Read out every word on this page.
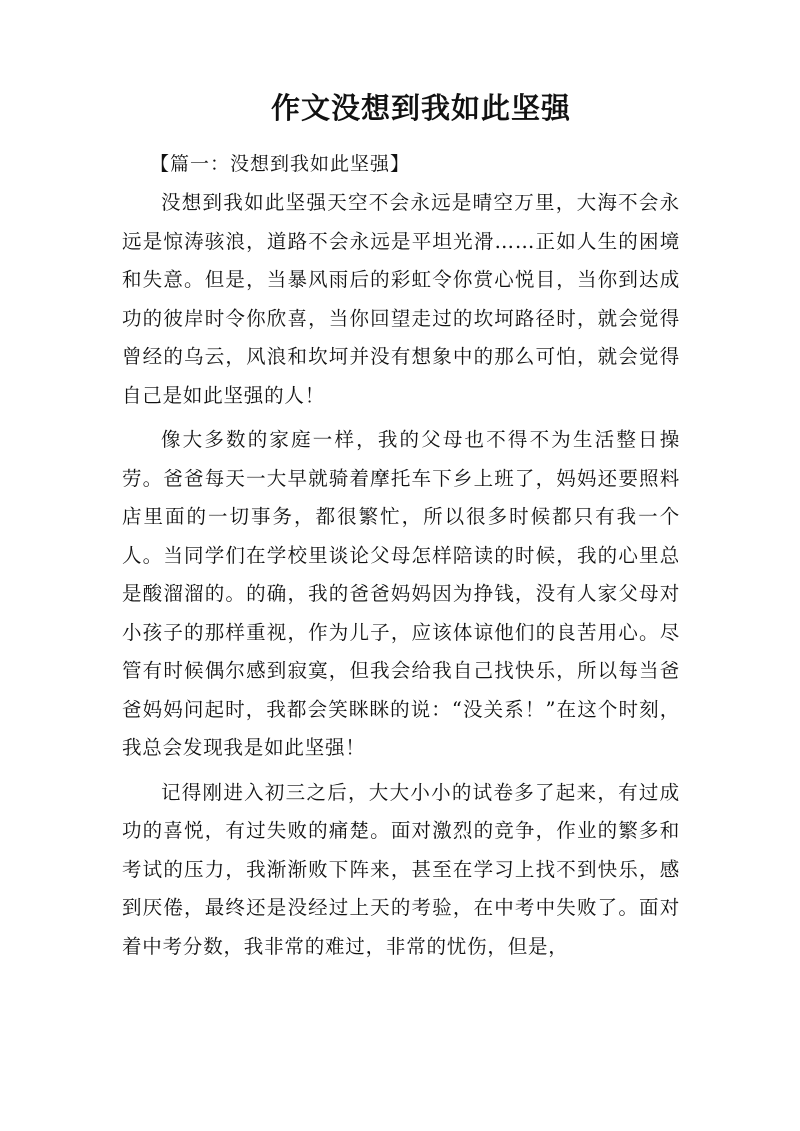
作文没想到我如此坚强
【篇一：没想到我如此坚强】

没想到我如此坚强天空不会永远是晴空万里，大海不会永远是惊涛骇浪，道路不会永远是平坦光滑……正如人生的困境和失意。但是，当暴风雨后的彩虹令你赏心悦目，当你到达成功的彼岸时令你欣喜，当你回望走过的坎坷路径时，就会觉得曾经的乌云，风浪和坎坷并没有想象中的那么可怕，就会觉得自己是如此坚强的人！

像大多数的家庭一样，我的父母也不得不为生活整日操劳。爸爸每天一大早就骑着摩托车下乡上班了，妈妈还要照料店里面的一切事务，都很繁忙，所以很多时候都只有我一个人。当同学们在学校里谈论父母怎样陪读的时候，我的心里总是酸溜溜的。的确，我的爸爸妈妈因为挣钱，没有人家父母对小孩子的那样重视，作为儿子，应该体谅他们的良苦用心。尽管有时候偶尔感到寂寞，但我会给我自己找快乐，所以每当爸爸妈妈问起时，我都会笑眯眯的说：“没关系！”在这个时刻，我总会发现我是如此坚强！

记得刚进入初三之后，大大小小的试卷多了起来，有过成功的喜悦，有过失败的痛楚。面对激烈的竞争，作业的繁多和考试的压力，我渐渐败下阵来，甚至在学习上找不到快乐，感到厌倦，最终还是没经过上天的考验，在中考中失败了。面对着中考分数，我非常的难过，非常的忧伤，但是，
